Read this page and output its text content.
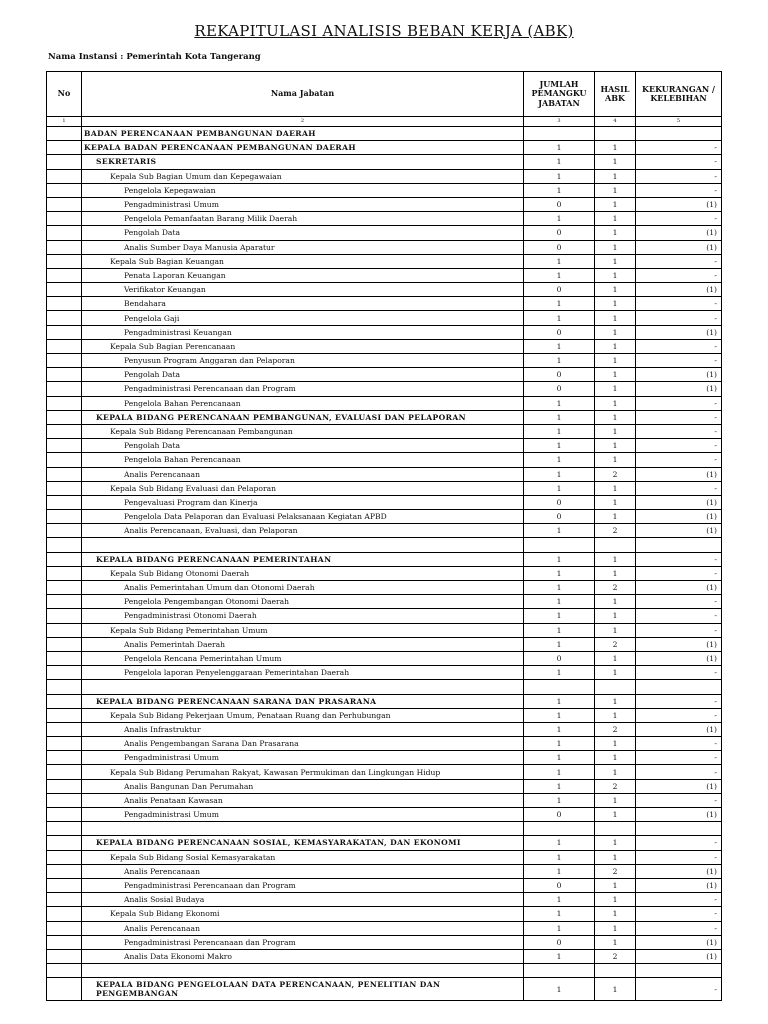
REKAPITULASI ANALISIS BEBAN KERJA (ABK)
Nama Instansi : Pemerintah Kota Tangerang
No	Nama Jabatan	JUMLAH PEMANGKU JABATAN	HASIL ABK	KEKURANGAN / KELEBIHAN
1	2	3	4	5
	BADAN PERENCANAAN PEMBANGUNAN DAERAH			
	KEPALA BADAN PERENCANAAN PEMBANGUNAN DAERAH	1	1	-
	SEKRETARIS	1	1	-
	Kepala Sub Bagian Umum dan Kepegawaian	1	1	-
	Pengelola Kepegawaian	1	1	-
	Pengadministrasi Umum	0	1	(1)
	Pengelola Pemanfaatan Barang Milik Daerah	1	1	-
	Pengolah Data	0	1	(1)
	Analis Sumber Daya Manusia Aparatur	0	1	(1)
	Kepala Sub Bagian Keuangan	1	1	-
	Penata Laporan Keuangan	1	1	-
	Verifikator Keuangan	0	1	(1)
	Bendahara	1	1	-
	Pengelola Gaji	1	1	-
	Pengadministrasi Keuangan	0	1	(1)
	Kepala Sub Bagian Perencanaan	1	1	-
	Penyusun Program Anggaran dan Pelaporan	1	1	-
	Pengolah Data	0	1	(1)
	Pengadministrasi Perencanaan dan Program	0	1	(1)
	Pengelola Bahan Perencanaan	1	1	-
	KEPALA BIDANG PERENCANAAN PEMBANGUNAN, EVALUASI DAN PELAPORAN	1	1	-
	Kepala Sub Bidang Perencanaan Pembangunan	1	1	-
	Pengolah Data	1	1	-
	Pengelola Bahan Perencanaan	1	1	-
	Analis Perencanaan	1	2	(1)
	Kepala Sub Bidang Evaluasi dan Pelaporan	1	1	-
	Pengevaluasi Program dan Kinerja	0	1	(1)
	Pengelola Data Pelaporan dan Evaluasi Pelaksanaan Kegiatan APBD	0	1	(1)
	Analis Perencanaan, Evaluasi, dan Pelaporan	1	2	(1)

	KEPALA BIDANG PERENCANAAN PEMERINTAHAN	1	1	-
	Kepala Sub Bidang Otonomi Daerah	1	1	-
	Analis Pemerintahan Umum dan Otonomi Daerah	1	2	(1)
	Pengelola Pengembangan Otonomi Daerah	1	1	-
	Pengadministrasi Otonomi Daerah	1	1	-
	Kepala Sub Bidang Pemerintahan Umum	1	1	-
	Analis Pemerintah Daerah	1	2	(1)
	Pengelola Rencana Pemerintahan Umum	0	1	(1)
	Pengelola laporan Penyelenggaraan Pemerintahan Daerah	1	1	-

	KEPALA BIDANG PERENCANAAN SARANA DAN PRASARANA	1	1	-
	Kepala Sub Bidang Pekerjaan Umum, Penataan Ruang dan Perhubungan	1	1	-
	Analis Infrastruktur	1	2	(1)
	Analis Pengembangan Sarana Dan Prasarana	1	1	-
	Pengadministrasi Umum	1	1	-
	Kepala Sub Bidang Perumahan Rakyat, Kawasan Permukiman dan Lingkungan Hidup	1	1	-
	Analis Bangunan Dan Perumahan	1	2	(1)
	Analis Penataan Kawasan	1	1	-
	Pengadministrasi Umum	0	1	(1)

	KEPALA BIDANG PERENCANAAN SOSIAL, KEMASYARAKATAN, DAN EKONOMI	1	1	-
	Kepala Sub Bidang Sosial Kemasyarakatan	1	1	-
	Analis Perencanaan	1	2	(1)
	Pengadministrasi Perencanaan dan Program	0	1	(1)
	Analis Sosial Budaya	1	1	-
	Kepala Sub Bidang Ekonomi	1	1	-
	Analis Perencanaan	1	1	-
	Pengadministrasi Perencanaan dan Program	0	1	(1)
	Analis Data Ekonomi Makro	1	2	(1)

	KEPALA BIDANG PENGELOLAAN DATA PERENCANAAN, PENELITIAN DAN PENGEMBANGAN	1	1	-
